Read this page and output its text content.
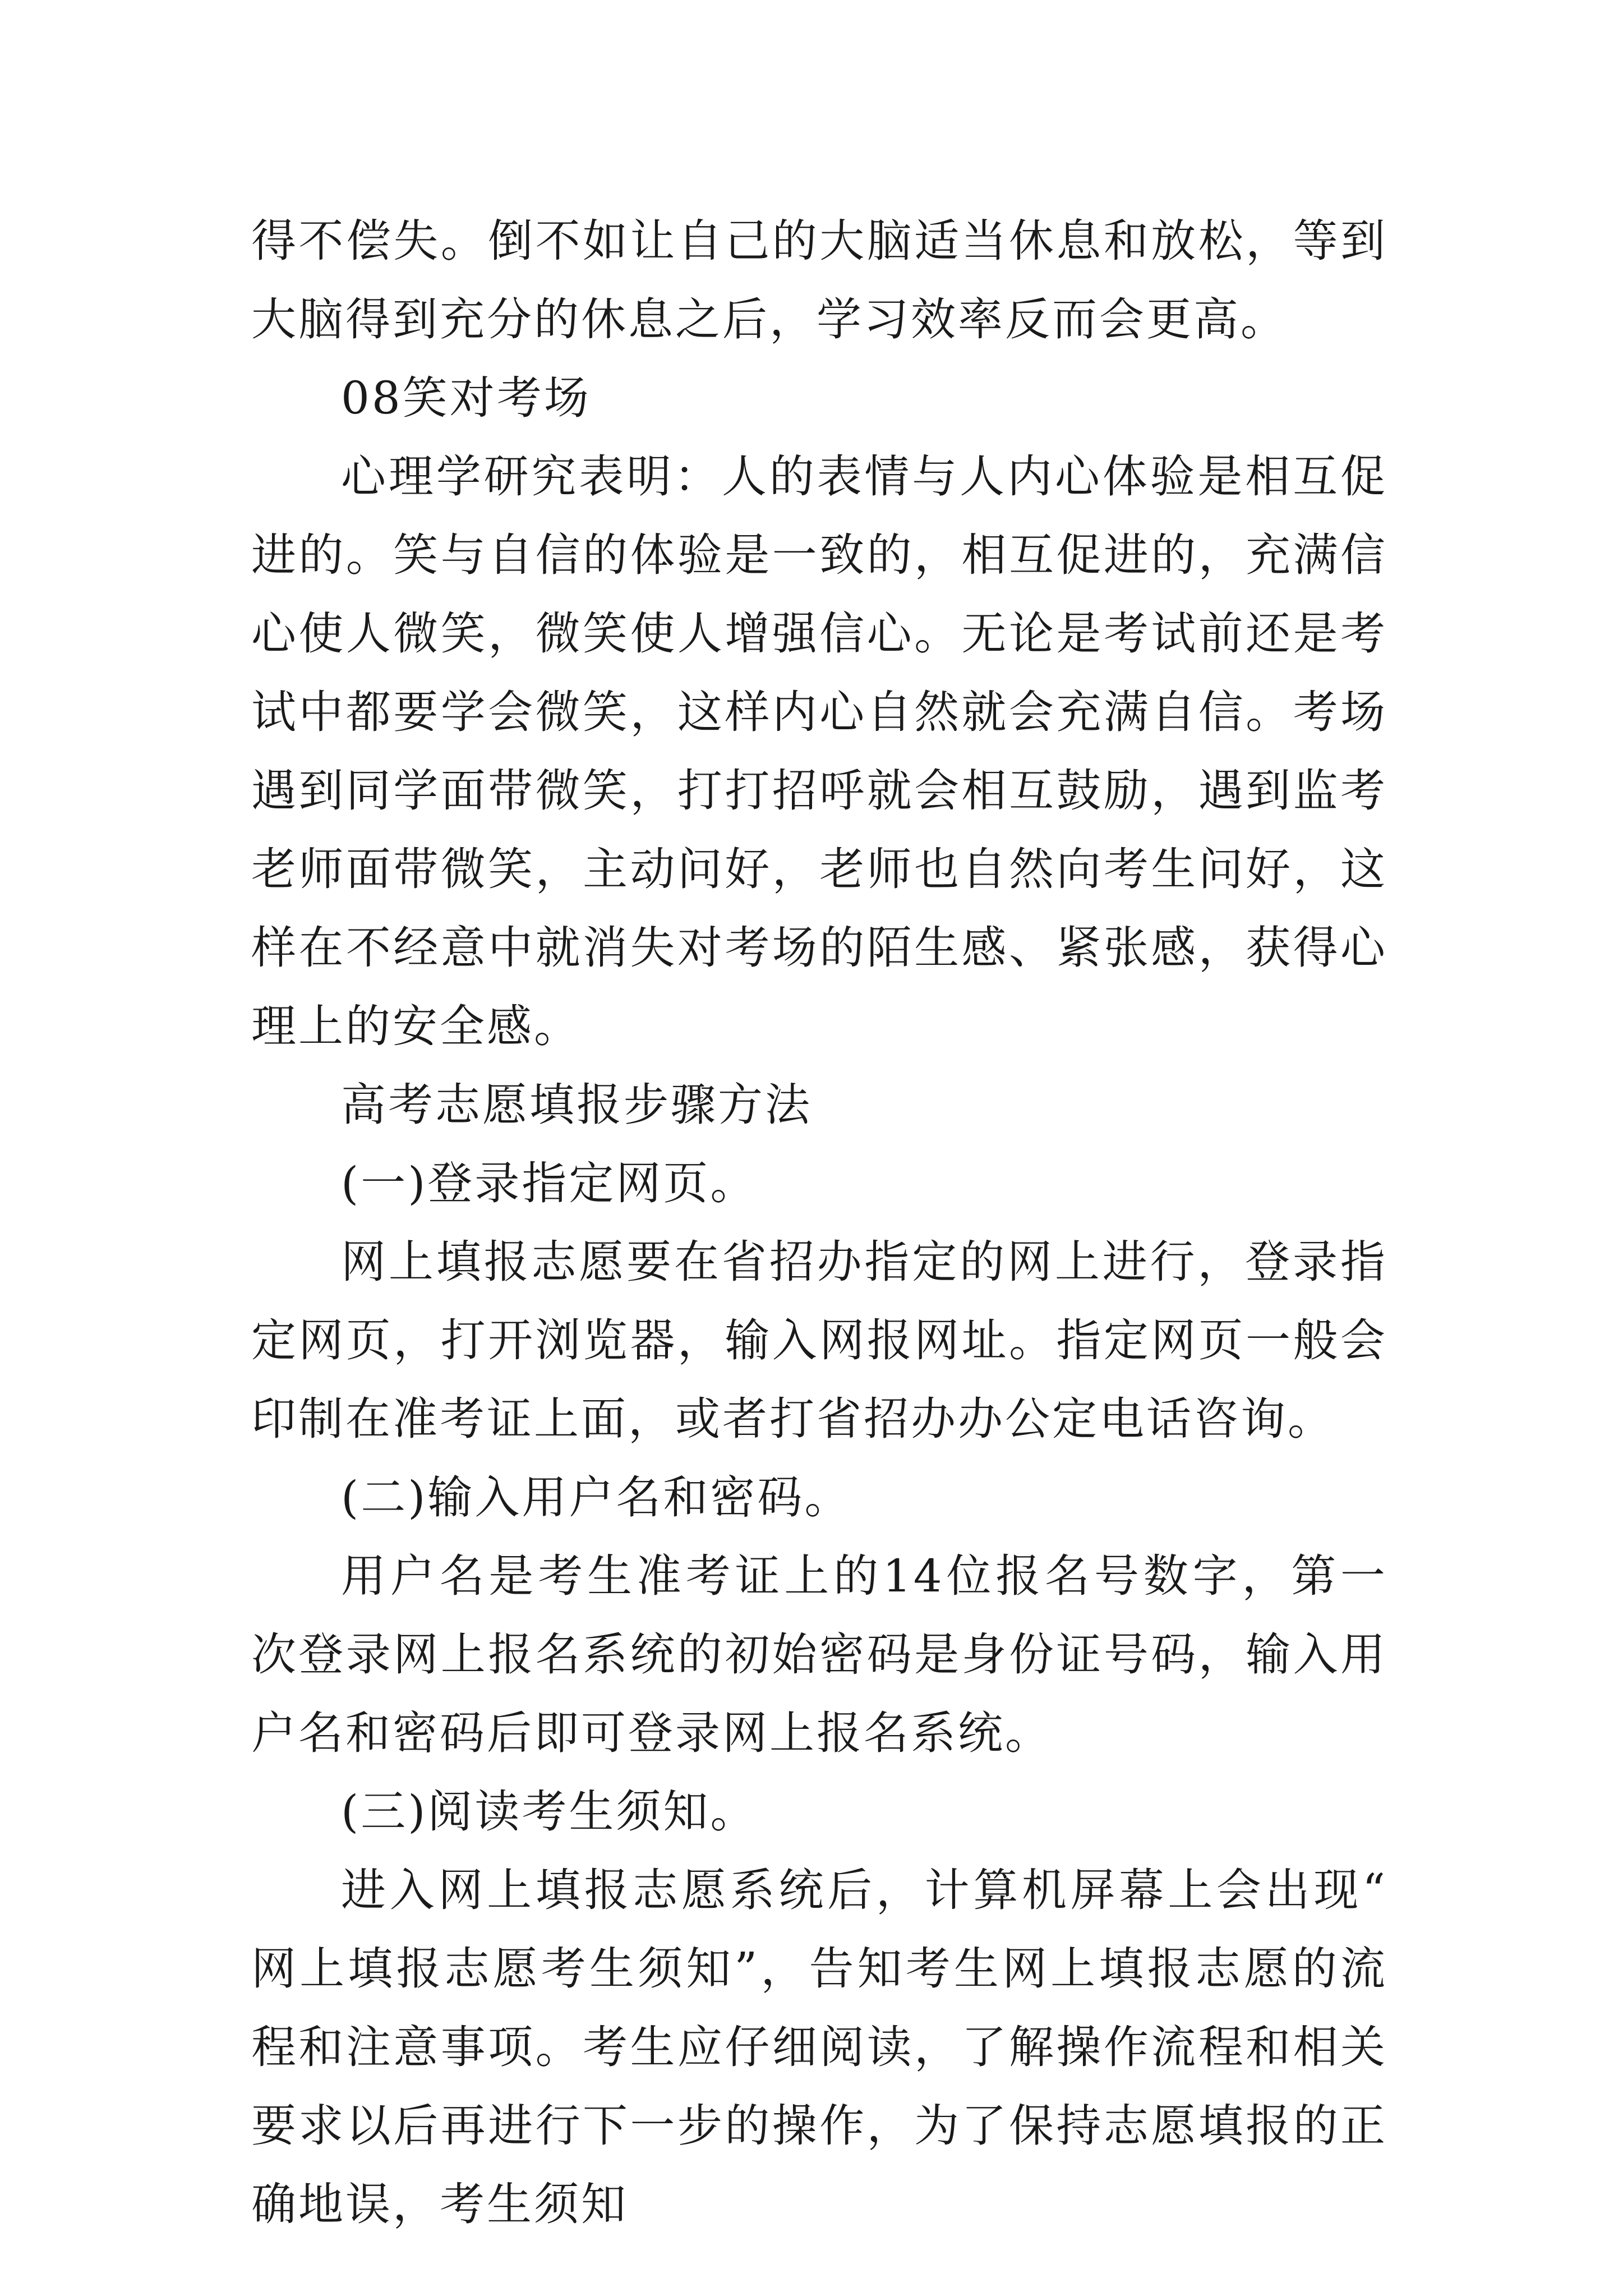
得不偿失。倒不如让自己的大脑适当休息和放松，等到大脑得到充分的休息之后，学习效率反而会更高。

08笑对考场

心理学研究表明：人的表情与人内心体验是相互促进的。笑与自信的体验是一致的，相互促进的，充满信心使人微笑，微笑使人增强信心。无论是考试前还是考试中都要学会微笑，这样内心自然就会充满自信。考场遇到同学面带微笑，打打招呼就会相互鼓励，遇到监考老师面带微笑，主动问好，老师也自然向考生问好，这样在不经意中就消失对考场的陌生感、紧张感，获得心理上的安全感。

高考志愿填报步骤方法

(一)登录指定网页。

网上填报志愿要在省招办指定的网上进行，登录指定网页，打开浏览器，输入网报网址。指定网页一般会印制在准考证上面，或者打省招办办公定电话咨询。

(二)输入用户名和密码。

用户名是考生准考证上的14位报名号数字，第一次登录网上报名系统的初始密码是身份证号码，输入用户名和密码后即可登录网上报名系统。

(三)阅读考生须知。

进入网上填报志愿系统后，计算机屏幕上会出现“网上填报志愿考生须知”，告知考生网上填报志愿的流程和注意事项。考生应仔细阅读，了解操作流程和相关要求以后再进行下一步的操作，为了保持志愿填报的正确地误，考生须知
